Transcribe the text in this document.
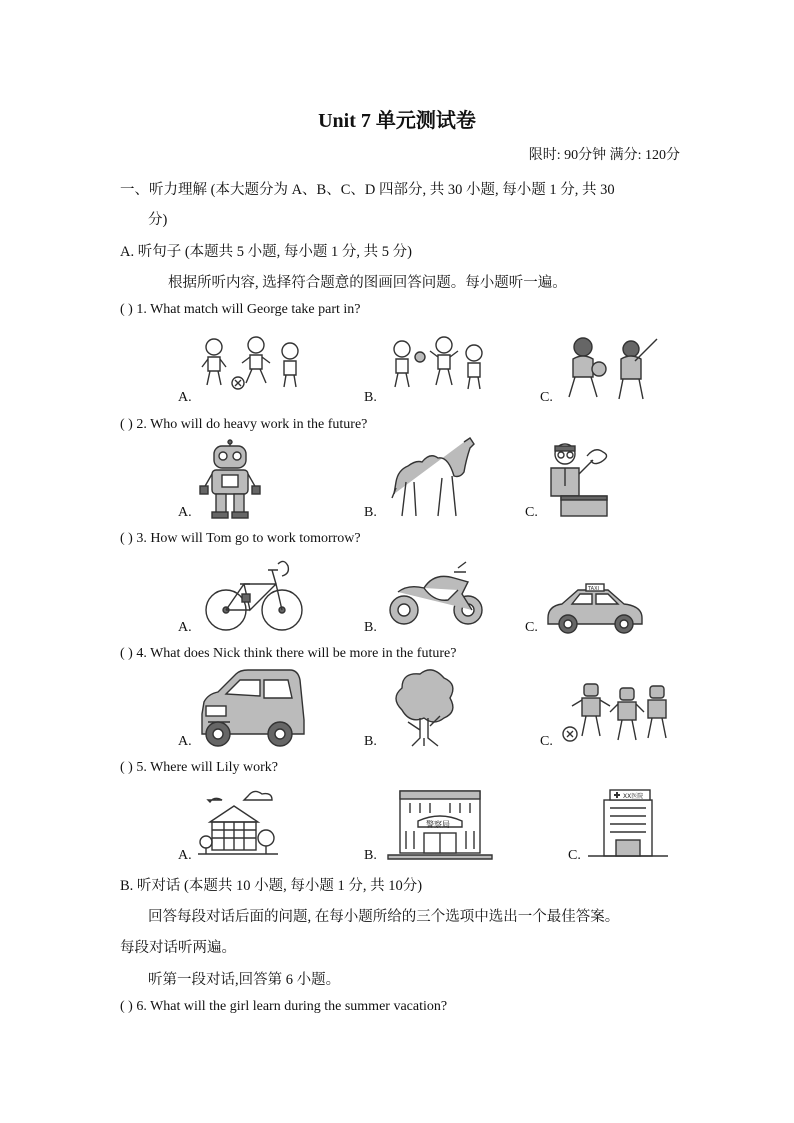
Unit 7 单元测试卷
限时: 90分钟 满分: 120分
一、听力理解 (本大题分为 A、B、C、D 四部分, 共 30 小题, 每小题 1 分, 共 30
分)
A. 听句子 (本题共 5 小题, 每小题 1 分, 共 5 分)
根据所听内容, 选择符合题意的图画回答问题。每小题听一遍。
( ) 1. What match will George take part in?
A.	B.	C.
( ) 2. Who will do heavy work in the future?
A.	B.	C.
( ) 3. How will Tom go to work tomorrow?
A.	B.	C.
TAXI
( ) 4. What does Nick think there will be more in the future?
A.	B.	C.
( ) 5. Where will Lily work?
A.	B.	C.
警察局
XX医院
B. 听对话 (本题共 10 小题, 每小题 1 分, 共 10分)
回答每段对话后面的问题, 在每小题所给的三个选项中选出一个最佳答案。
每段对话听两遍。
听第一段对话,回答第 6 小题。
( ) 6. What will the girl learn during the summer vacation?
